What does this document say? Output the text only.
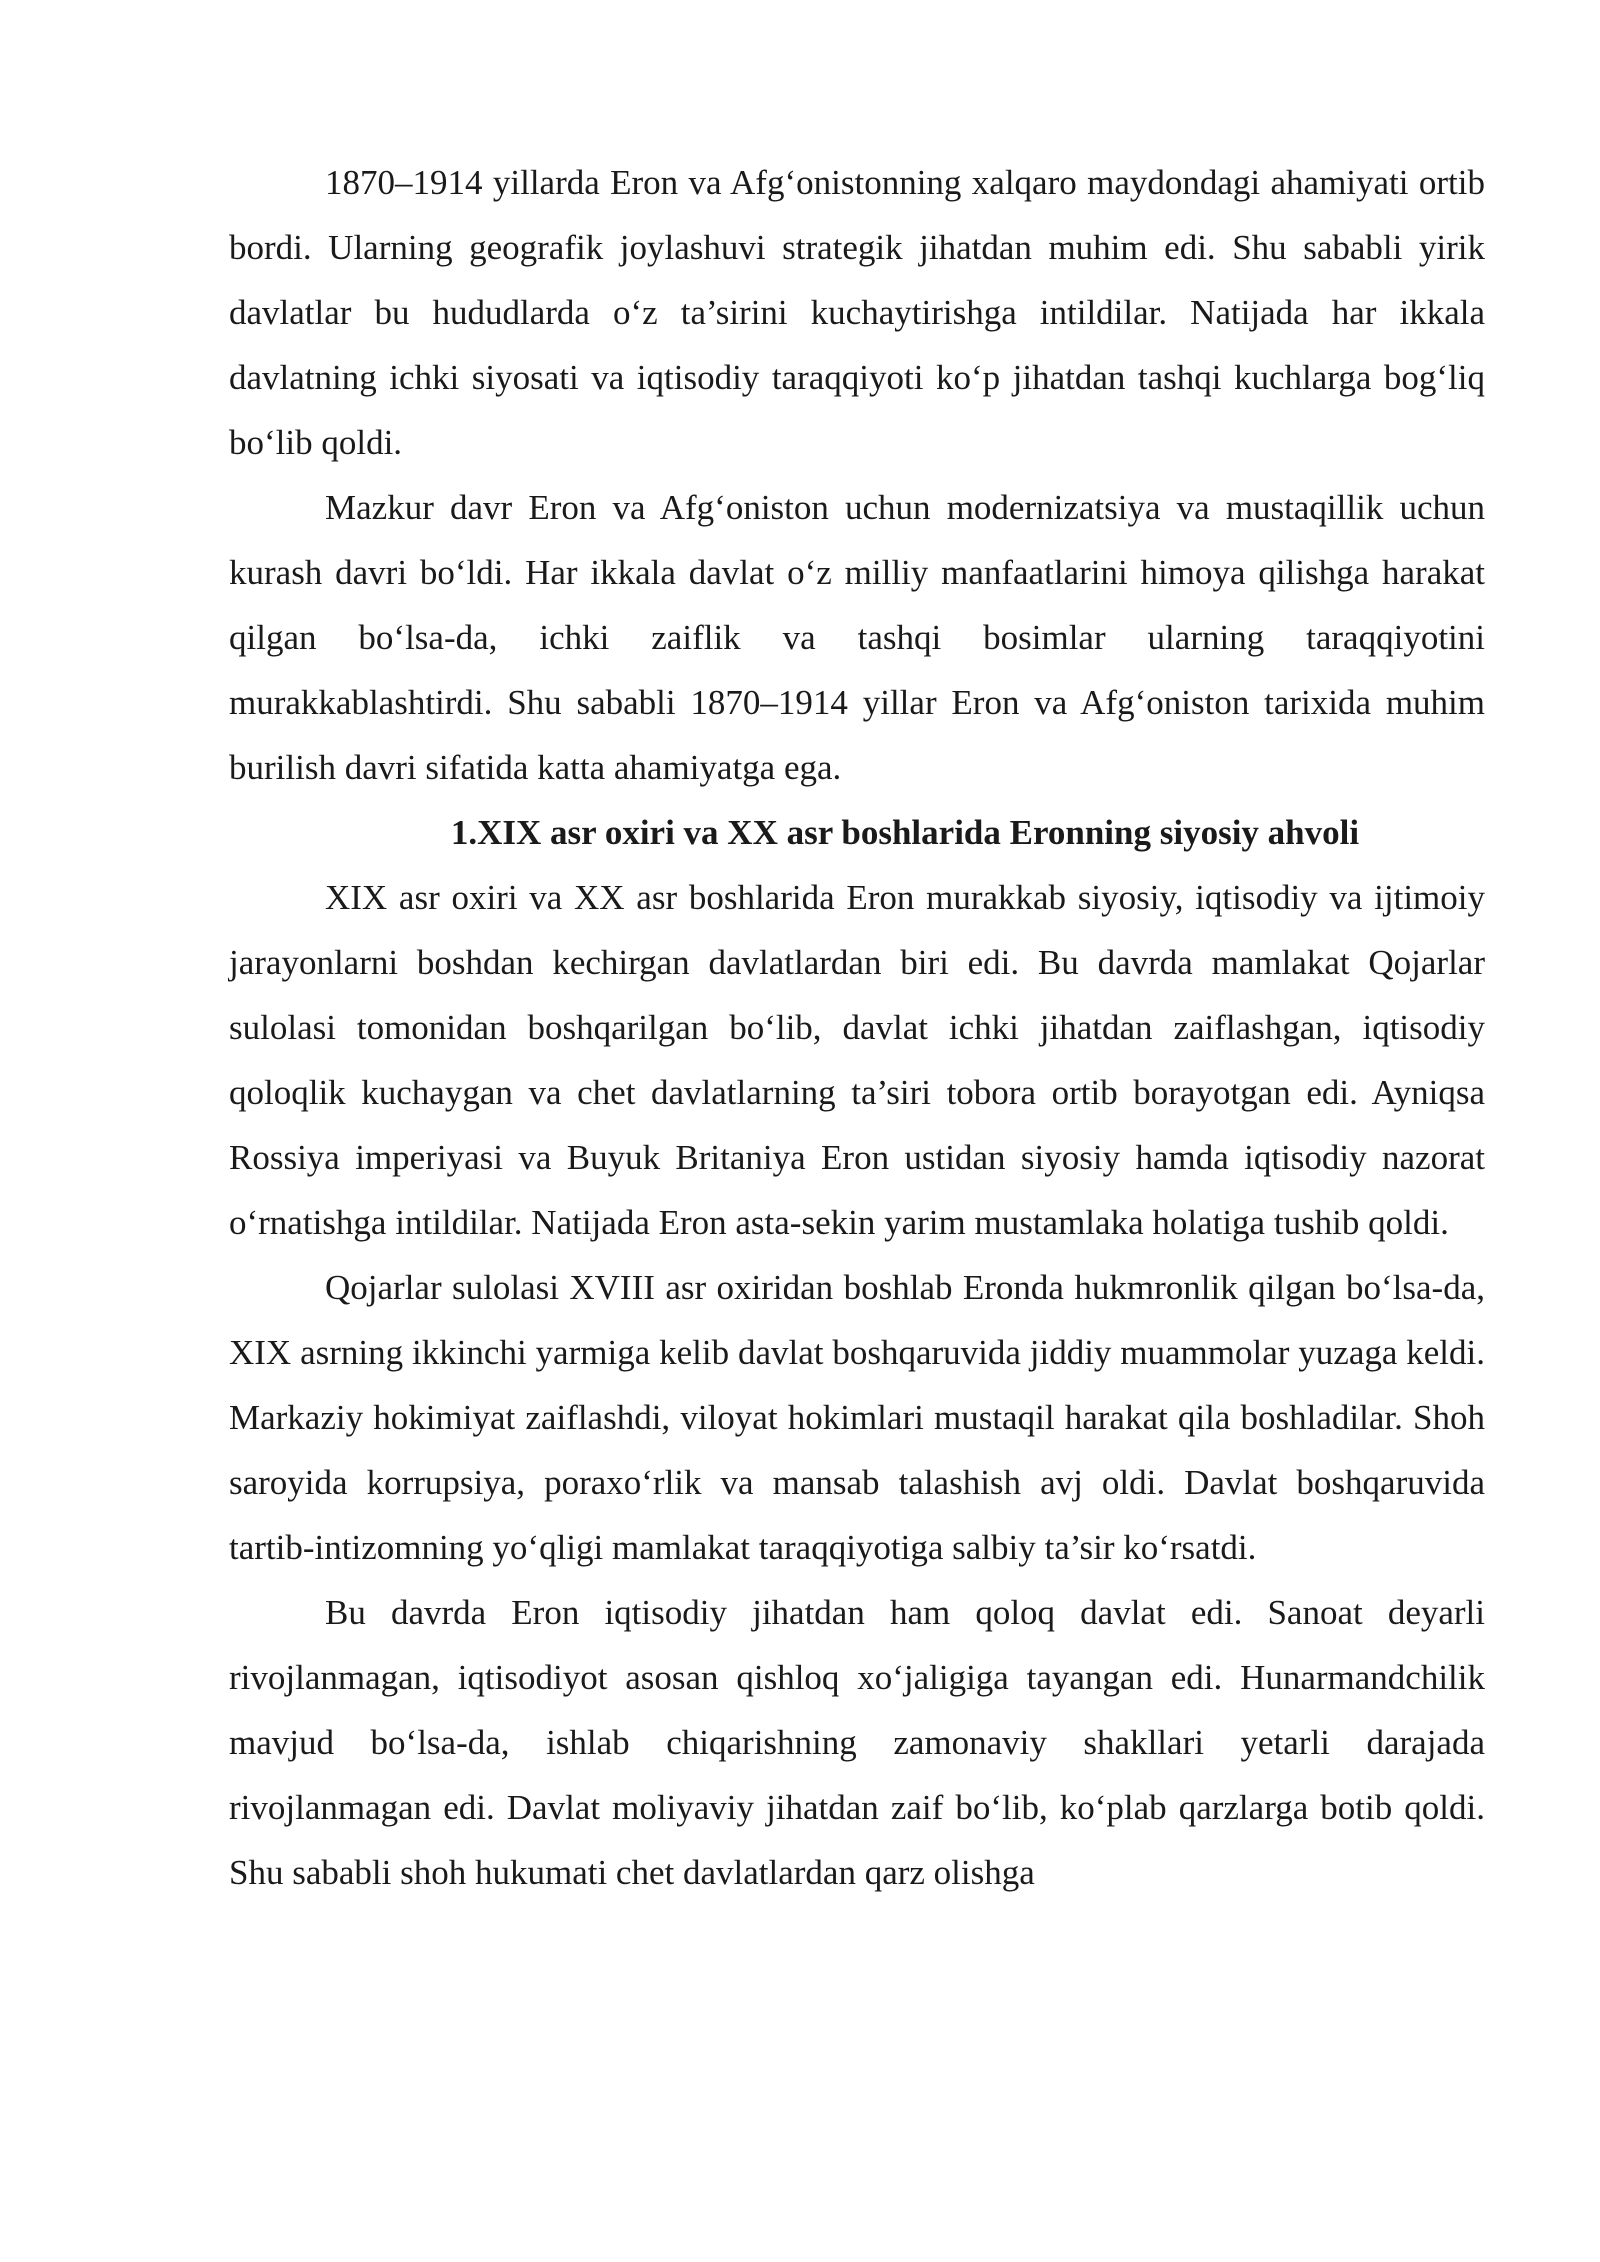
1870–1914 yillarda Eron va Afg‘onistonning xalqaro maydondagi ahamiyati ortib bordi. Ularning geografik joylashuvi strategik jihatdan muhim edi. Shu sababli yirik davlatlar bu hududlarda o‘z ta’sirini kuchaytirishga intildilar. Natijada har ikkala davlatning ichki siyosati va iqtisodiy taraqqiyoti ko‘p jihatdan tashqi kuchlarga bog‘liq bo‘lib qoldi.

Mazkur davr Eron va Afg‘oniston uchun modernizatsiya va mustaqillik uchun kurash davri bo‘ldi. Har ikkala davlat o‘z milliy manfaatlarini himoya qilishga harakat qilgan bo‘lsa-da, ichki zaiflik va tashqi bosimlar ularning taraqqiyotini murakkablashtirdi. Shu sababli 1870–1914 yillar Eron va Afg‘oniston tarixida muhim burilish davri sifatida katta ahamiyatga ega.

1.XIX asr oxiri va XX asr boshlarida Eronning siyosiy ahvoli

XIX asr oxiri va XX asr boshlarida Eron murakkab siyosiy, iqtisodiy va ijtimoiy jarayonlarni boshdan kechirgan davlatlardan biri edi. Bu davrda mamlakat Qojarlar sulolasi tomonidan boshqarilgan bo‘lib, davlat ichki jihatdan zaiflashgan, iqtisodiy qoloqlik kuchaygan va chet davlatlarning ta’siri tobora ortib borayotgan edi. Ayniqsa Rossiya imperiyasi va Buyuk Britaniya Eron ustidan siyosiy hamda iqtisodiy nazorat o‘rnatishga intildilar. Natijada Eron asta-sekin yarim mustamlaka holatiga tushib qoldi.

Qojarlar sulolasi XVIII asr oxiridan boshlab Eronda hukmronlik qilgan bo‘lsa-da, XIX asrning ikkinchi yarmiga kelib davlat boshqaruvida jiddiy muammolar yuzaga keldi. Markaziy hokimiyat zaiflashdi, viloyat hokimlari mustaqil harakat qila boshladilar. Shoh saroyida korrupsiya, poraxo‘rlik va mansab talashish avj oldi. Davlat boshqaruvida tartib-intizomning yo‘qligi mamlakat taraqqiyotiga salbiy ta’sir ko‘rsatdi.

Bu davrda Eron iqtisodiy jihatdan ham qoloq davlat edi. Sanoat deyarli rivojlanmagan, iqtisodiyot asosan qishloq xo‘jaligiga tayangan edi. Hunarmandchilik mavjud bo‘lsa-da, ishlab chiqarishning zamonaviy shakllari yetarli darajada rivojlanmagan edi. Davlat moliyaviy jihatdan zaif bo‘lib, ko‘plab qarzlarga botib qoldi. Shu sababli shoh hukumati chet davlatlardan qarz olishga
